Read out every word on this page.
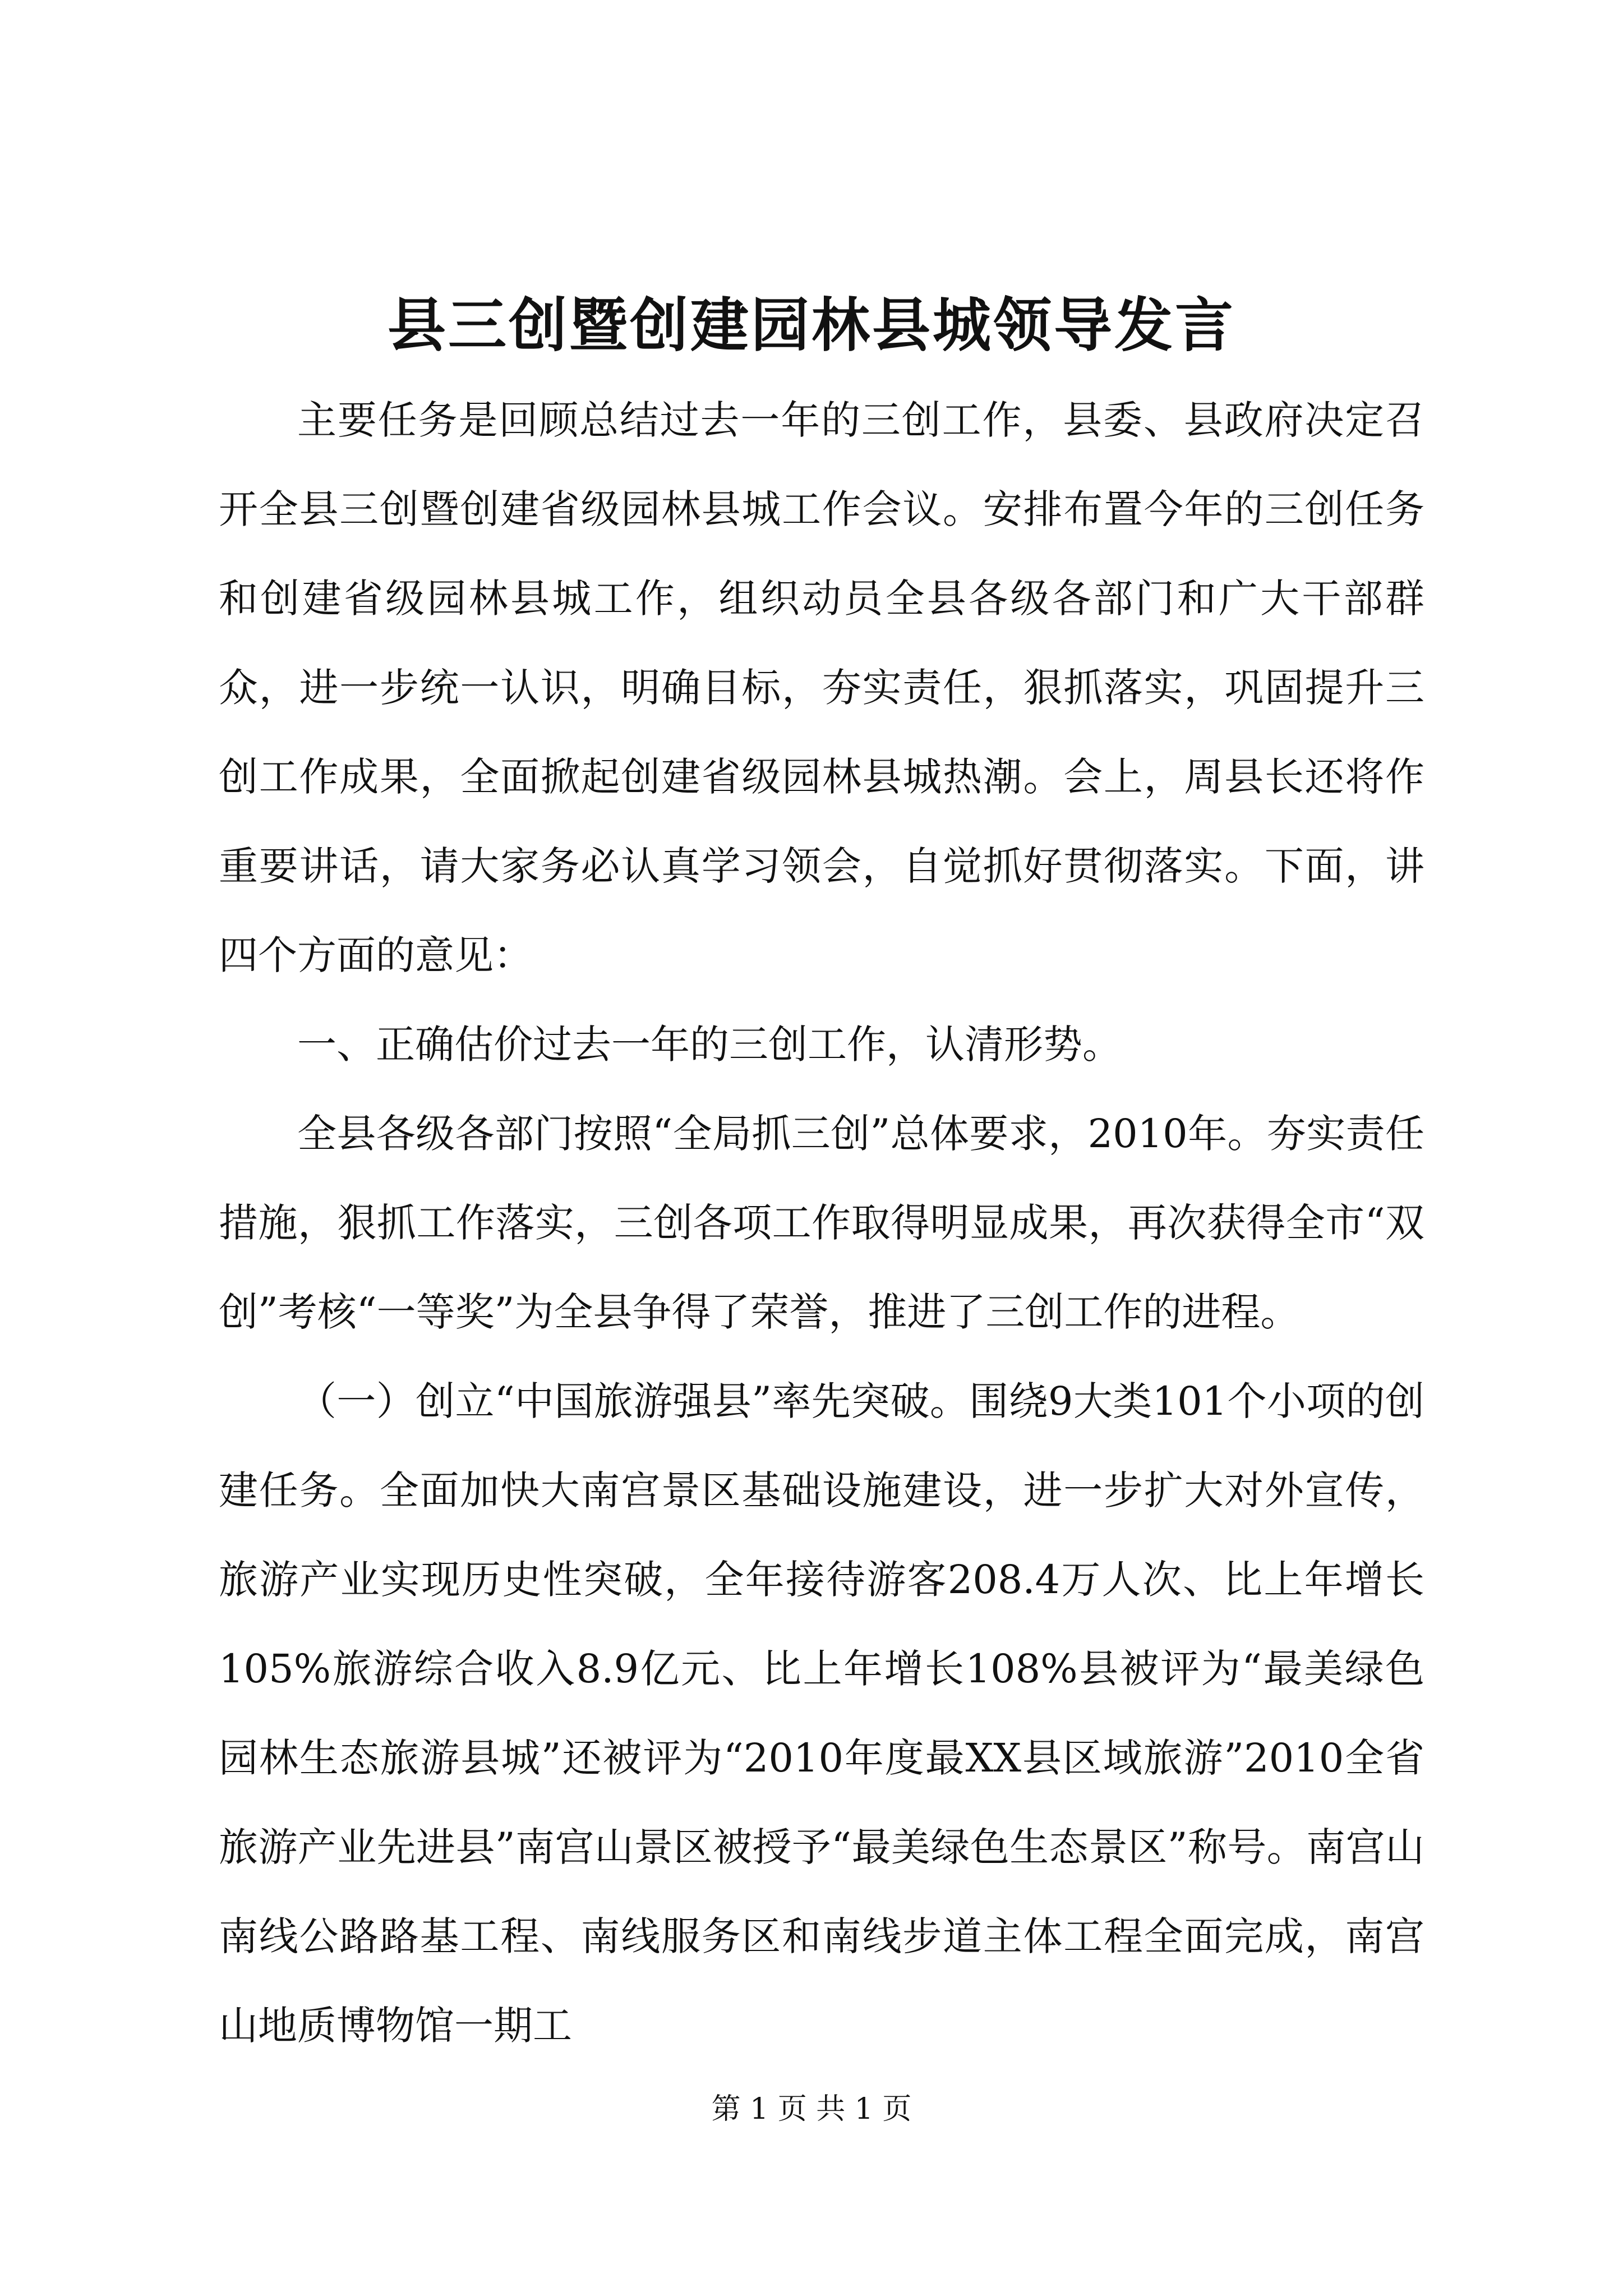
县三创暨创建园林县城领导发言

主要任务是回顾总结过去一年的三创工作，县委、县政府决定召开全县三创暨创建省级园林县城工作会议。安排布置今年的三创任务和创建省级园林县城工作，组织动员全县各级各部门和广大干部群众，进一步统一认识，明确目标，夯实责任，狠抓落实，巩固提升三创工作成果，全面掀起创建省级园林县城热潮。会上，周县长还将作重要讲话，请大家务必认真学习领会，自觉抓好贯彻落实。下面，讲四个方面的意见：

一、正确估价过去一年的三创工作，认清形势。

全县各级各部门按照“全局抓三创”总体要求，2010年。夯实责任措施，狠抓工作落实，三创各项工作取得明显成果，再次获得全市“双创”考核“一等奖”为全县争得了荣誉，推进了三创工作的进程。

（一）创立“中国旅游强县”率先突破。围绕9大类101个小项的创建任务。全面加快大南宫景区基础设施建设，进一步扩大对外宣传，旅游产业实现历史性突破，全年接待游客208.4万人次、比上年增长105%旅游综合收入8.9亿元、比上年增长108%县被评为“最美绿色园林生态旅游县城”还被评为“2010年度最XX县区域旅游”2010全省旅游产业先进县”南宫山景区被授予“最美绿色生态景区”称号。南宫山南线公路路基工程、南线服务区和南线步道主体工程全面完成，南宫山地质博物馆一期工

第 1 页 共 1 页
